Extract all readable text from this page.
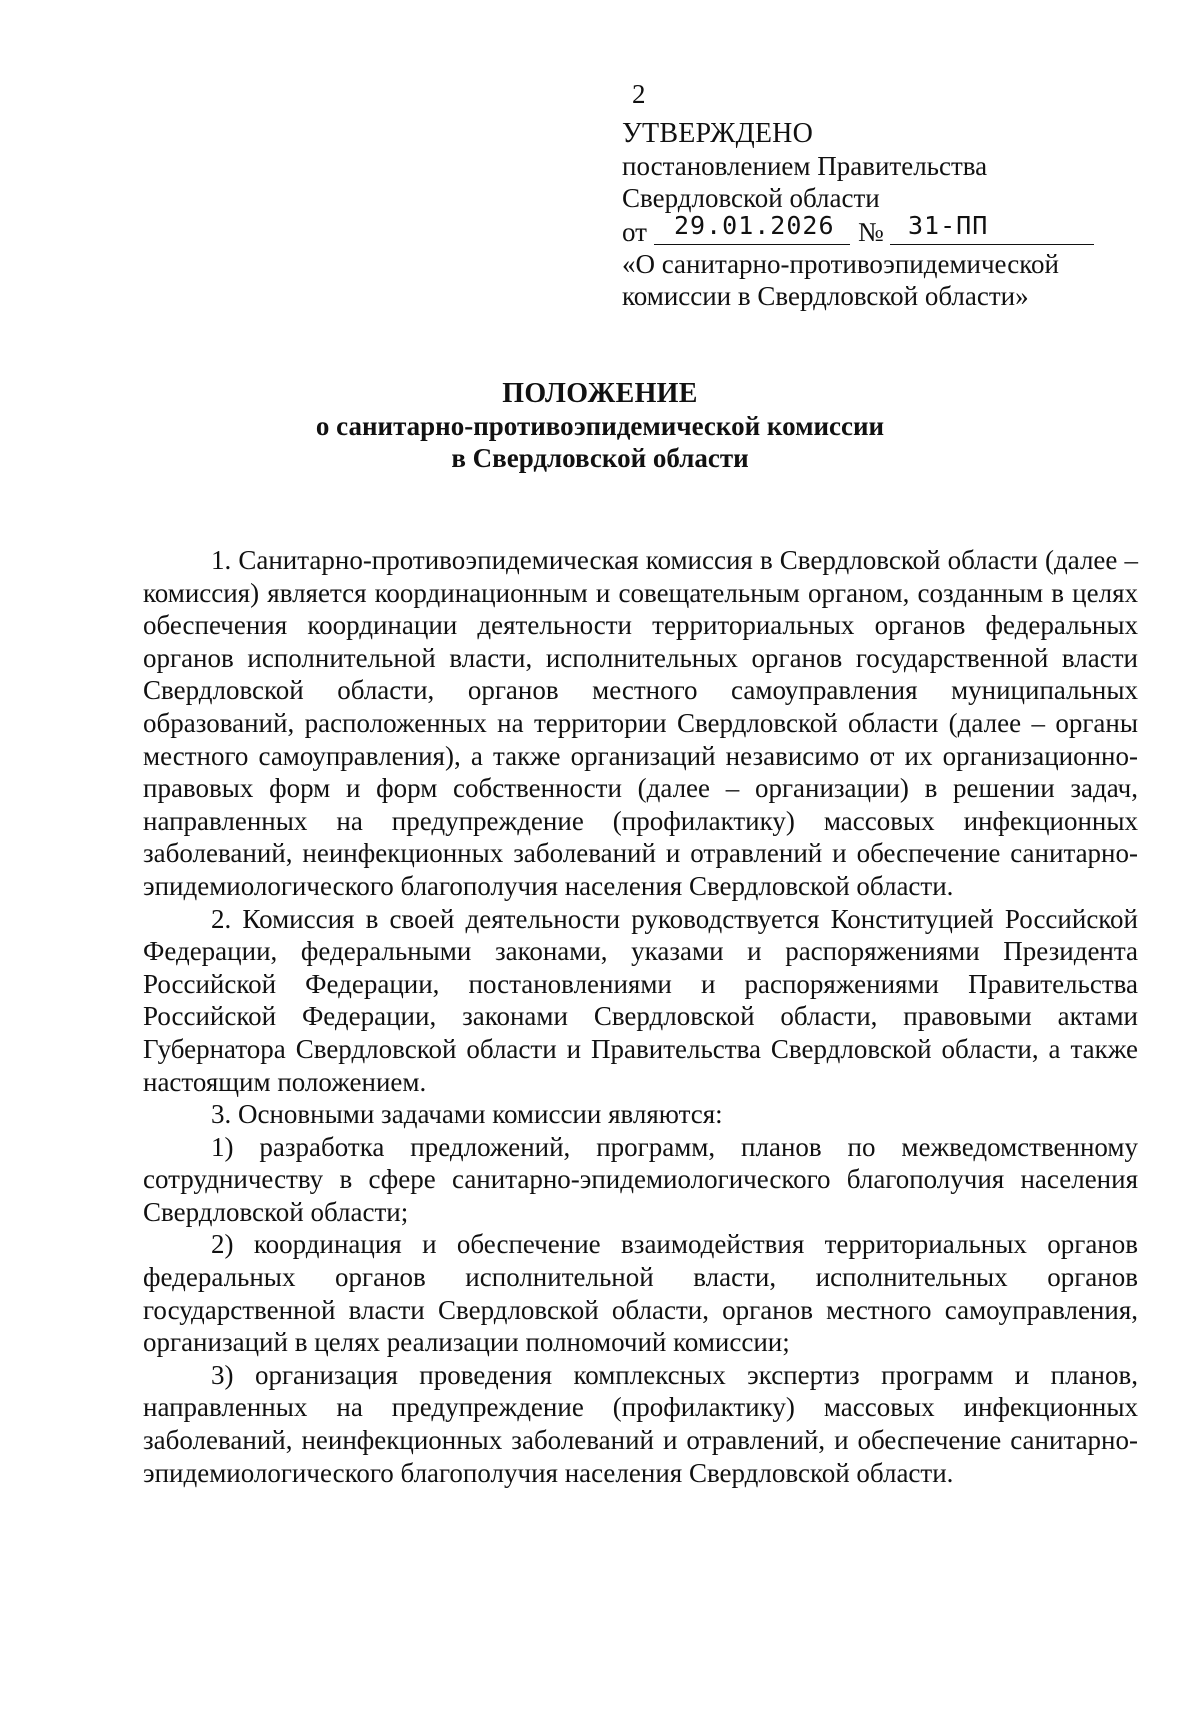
2
УТВЕРЖДЕНО
постановлением Правительства
Свердловской области
от 29.01.2026 № 31-ПП
«О санитарно-противоэпидемической
комиссии в Свердловской области»
ПОЛОЖЕНИЕ
о санитарно-противоэпидемической комиссии
в Свердловской области

1. Санитарно-противоэпидемическая комиссия в Свердловской области (далее – комиссия) является координационным и совещательным органом, созданным в целях обеспечения координации деятельности территориальных органов федеральных органов исполнительной власти, исполнительных органов государственной власти Свердловской области, органов местного самоуправления муниципальных образований, расположенных на территории Свердловской области (далее – органы местного самоуправления), а также организаций независимо от их организационно-правовых форм и форм собственности (далее – организации) в решении задач, направленных на предупреждение (профилактику) массовых инфекционных заболеваний, неинфекционных заболеваний и отравлений и обеспечение санитарно-эпидемиологического благополучия населения Свердловской области.

2. Комиссия в своей деятельности руководствуется Конституцией Российской Федерации, федеральными законами, указами и распоряжениями Президента Российской Федерации, постановлениями и распоряжениями Правительства Российской Федерации, законами Свердловской области, правовыми актами Губернатора Свердловской области и Правительства Свердловской области, а также настоящим положением.

3. Основными задачами комиссии являются:

1) разработка предложений, программ, планов по межведомственному сотрудничеству в сфере санитарно-эпидемиологического благополучия населения Свердловской области;

2) координация и обеспечение взаимодействия территориальных органов федеральных органов исполнительной власти, исполнительных органов государственной власти Свердловской области, органов местного самоуправления, организаций в целях реализации полномочий комиссии;

3) организация проведения комплексных экспертиз программ и планов, направленных на предупреждение (профилактику) массовых инфекционных заболеваний, неинфекционных заболеваний и отравлений, и обеспечение санитарно-эпидемиологического благополучия населения Свердловской области.
